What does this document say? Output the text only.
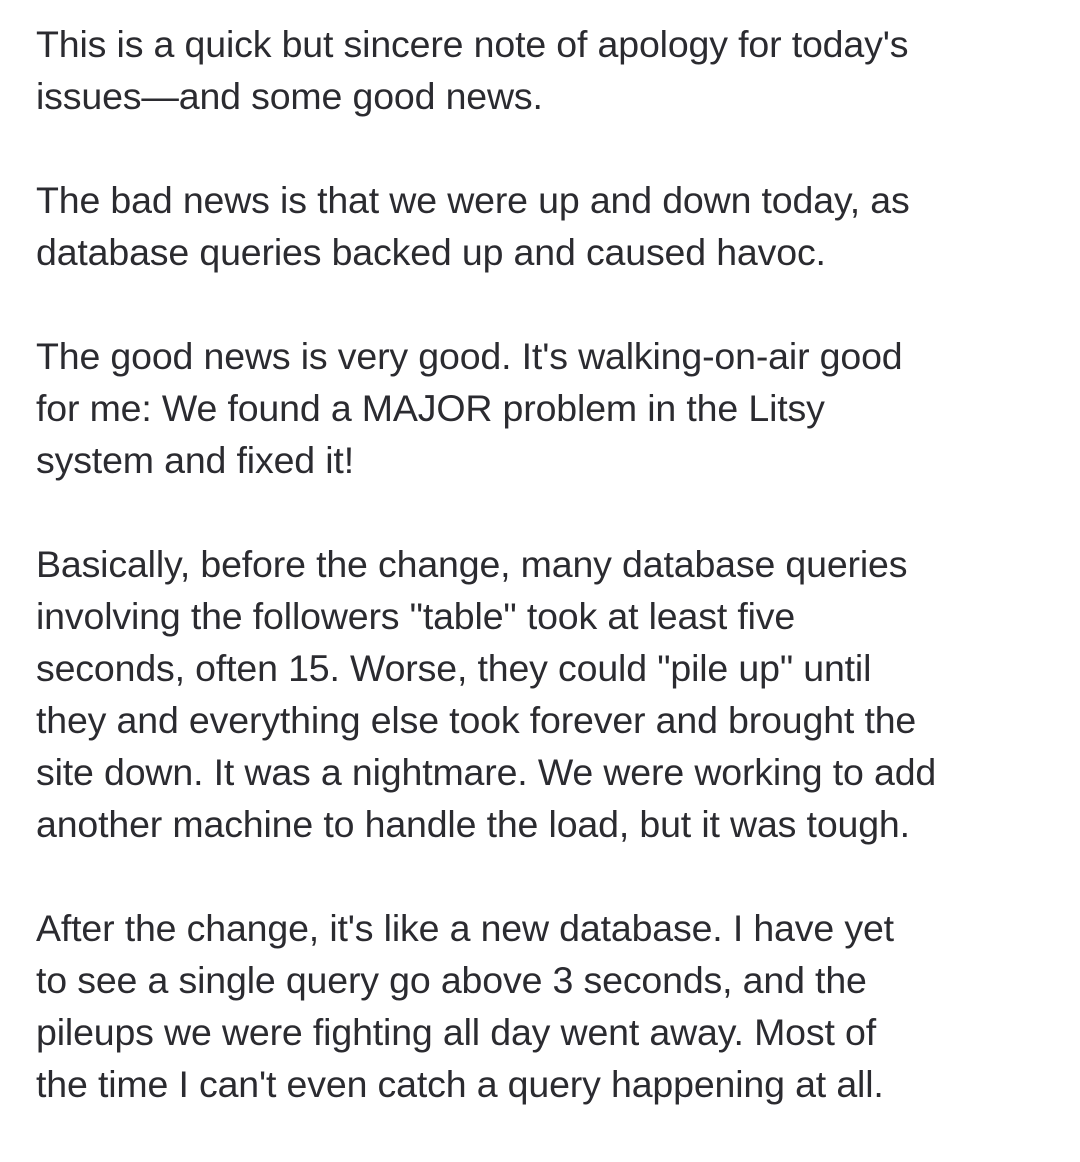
This is a quick but sincere note of apology for today's
issues—and some good news.

The bad news is that we were up and down today, as
database queries backed up and caused havoc.

The good news is very good. It's walking-on-air good
for me: We found a MAJOR problem in the Litsy
system and fixed it!

Basically, before the change, many database queries
involving the followers "table" took at least five
seconds, often 15. Worse, they could "pile up" until
they and everything else took forever and brought the
site down. It was a nightmare. We were working to add
another machine to handle the load, but it was tough.

After the change, it's like a new database. I have yet
to see a single query go above 3 seconds, and the
pileups we were fighting all day went away. Most of
the time I can't even catch a query happening at all.
